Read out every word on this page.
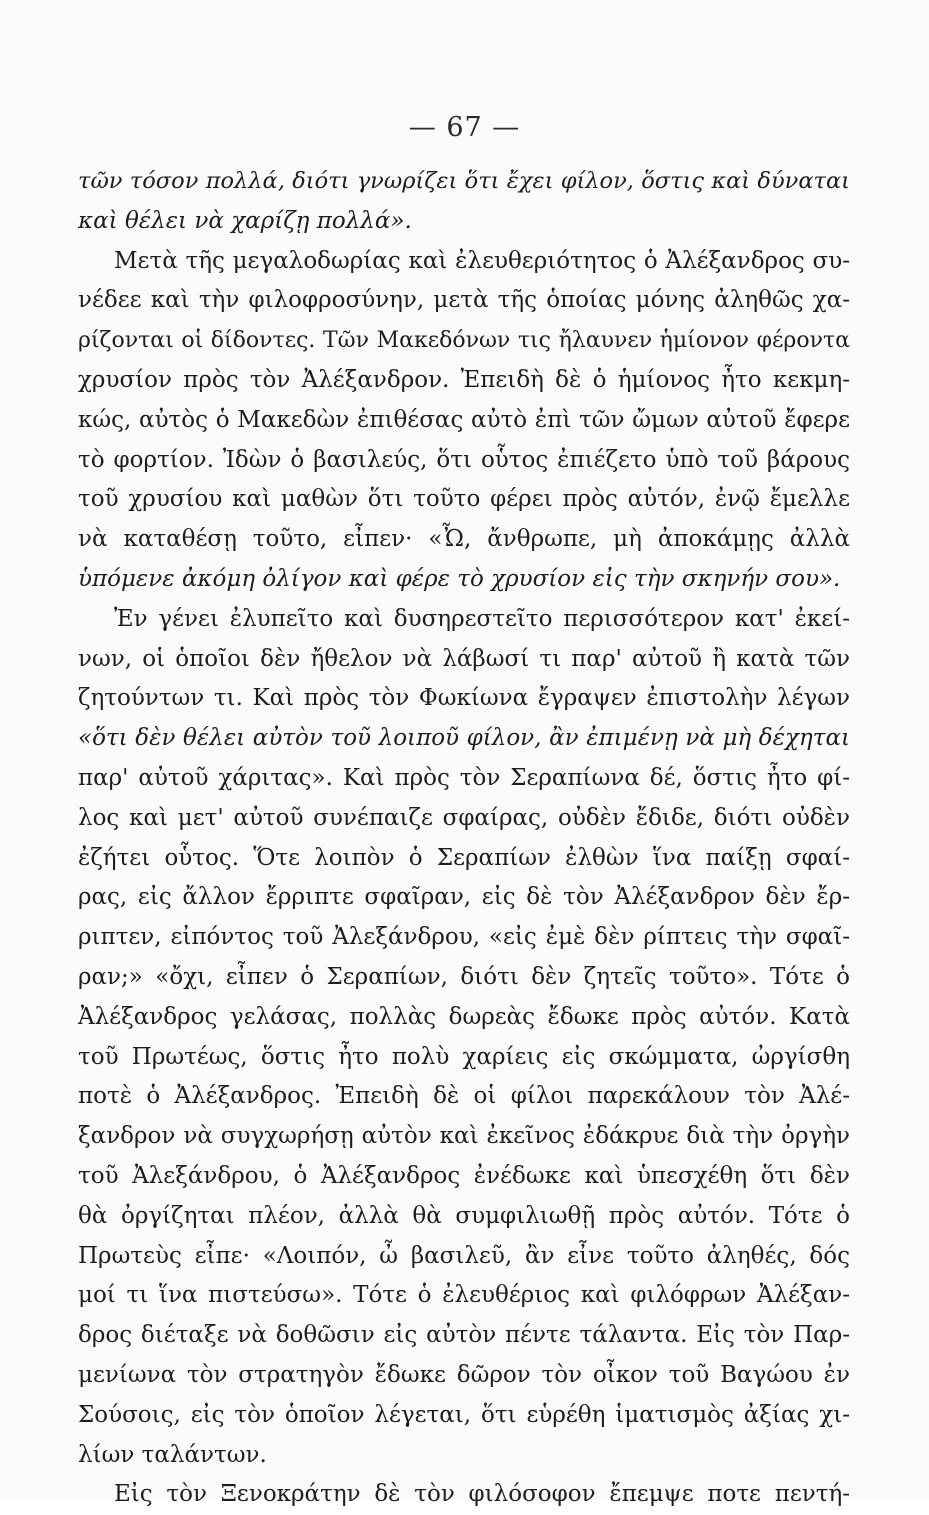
— 67 —
τῶν τόσον πολλά, διότι γνωρίζει ὅτι ἔχει φίλον, ὅστις καὶ δύναται
καὶ θέλει νὰ χαρίζῃ πολλά».
Μετὰ τῆς μεγαλοδωρίας καὶ ἐλευθεριότητος ὁ Ἀλέξανδρος συ-
νέδεε καὶ τὴν φιλοφροσύνην, μετὰ τῆς ὁποίας μόνης ἀληθῶς χα-
ρίζονται οἱ δίδοντες. Τῶν Μακεδόνων τις ἤλαυνεν ἡμίονον φέροντα
χρυσίον πρὸς τὸν Ἀλέξανδρον. Ἐπειδὴ δὲ ὁ ἡμίονος ἦτο κεκμη-
κώς, αὐτὸς ὁ Μακεδὼν ἐπιθέσας αὐτὸ ἐπὶ τῶν ὤμων αὐτοῦ ἔφερε
τὸ φορτίον. Ἰδὼν ὁ βασιλεύς, ὅτι οὗτος ἐπιέζετο ὑπὸ τοῦ βάρους
τοῦ χρυσίου καὶ μαθὼν ὅτι τοῦτο φέρει πρὸς αὐτόν, ἐνῷ ἔμελλε
νὰ καταθέσῃ τοῦτο, εἶπεν· «Ὦ, ἄνθρωπε, μὴ ἀποκάμῃς ἀλλὰ
ὑπόμενε ἀκόμη ὀλίγον καὶ φέρε τὸ χρυσίον εἰς τὴν σκηνήν σου».
Ἐν γένει ἐλυπεῖτο καὶ δυσηρεστεῖτο περισσότερον κατ' ἐκεί-
νων, οἱ ὁποῖοι δὲν ἤθελον νὰ λάβωσί τι παρ' αὐτοῦ ἢ κατὰ τῶν
ζητούντων τι. Καὶ πρὸς τὸν Φωκίωνα ἔγραψεν ἐπιστολὴν λέγων
«ὅτι δὲν θέλει αὐτὸν τοῦ λοιποῦ φίλον, ἂν ἐπιμένῃ νὰ μὴ δέχηται
παρ' αὐτοῦ χάριτας». Καὶ πρὸς τὸν Σεραπίωνα δέ, ὅστις ἦτο φί-
λος καὶ μετ' αὐτοῦ συνέπαιζε σφαίρας, οὐδὲν ἔδιδε, διότι οὐδὲν
ἐζήτει οὗτος. Ὅτε λοιπὸν ὁ Σεραπίων ἐλθὼν ἵνα παίξῃ σφαί-
ρας, εἰς ἄλλον ἔρριπτε σφαῖραν, εἰς δὲ τὸν Ἀλέξανδρον δὲν ἔρ-
ριπτεν, εἰπόντος τοῦ Ἀλεξάνδρου, «εἰς ἐμὲ δὲν ρίπτεις τὴν σφαῖ-
ραν;» «ὄχι, εἶπεν ὁ Σεραπίων, διότι δὲν ζητεῖς τοῦτο». Τότε ὁ
Ἀλέξανδρος γελάσας, πολλὰς δωρεὰς ἔδωκε πρὸς αὐτόν. Κατὰ
τοῦ Πρωτέως, ὅστις ἦτο πολὺ χαρίεις εἰς σκώμματα, ὠργίσθη
ποτὲ ὁ Ἀλέξανδρος. Ἐπειδὴ δὲ οἱ φίλοι παρεκάλουν τὸν Ἀλέ-
ξανδρον νὰ συγχωρήσῃ αὐτὸν καὶ ἐκεῖνος ἐδάκρυε διὰ τὴν ὀργὴν
τοῦ Ἀλεξάνδρου, ὁ Ἀλέξανδρος ἐνέδωκε καὶ ὑπεσχέθη ὅτι δὲν
θὰ ὀργίζηται πλέον, ἀλλὰ θὰ συμφιλιωθῇ πρὸς αὐτόν. Τότε ὁ
Πρωτεὺς εἶπε· «Λοιπόν, ὦ βασιλεῦ, ἂν εἶνε τοῦτο ἀληθές, δός
μοί τι ἵνα πιστεύσω». Τότε ὁ ἐλευθέριος καὶ φιλόφρων Ἀλέξαν-
δρος διέταξε νὰ δοθῶσιν εἰς αὐτὸν πέντε τάλαντα. Εἰς τὸν Παρ-
μενίωνα τὸν στρατηγὸν ἔδωκε δῶρον τὸν οἶκον τοῦ Βαγώου ἐν
Σούσοις, εἰς τὸν ὁποῖον λέγεται, ὅτι εὑρέθη ἱματισμὸς ἀξίας χι-
λίων ταλάντων.
Εἰς τὸν Ξενοκράτην δὲ τὸν φιλόσοφον ἔπεμψε ποτε πεντή-
